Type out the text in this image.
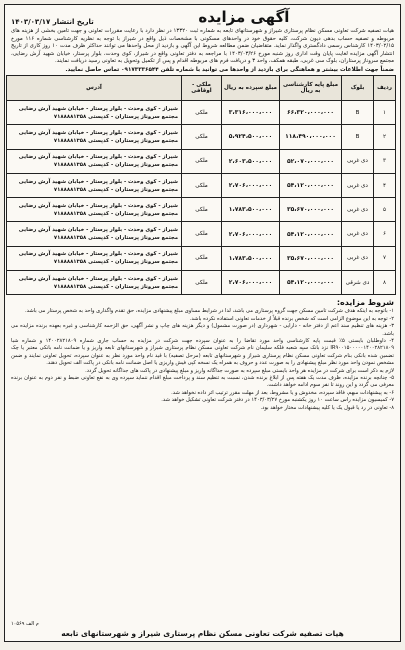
آگهی مزایده
تاریخ انتشار ۱۴۰۳/۰۳/۱۷
هیات تصفیه شرکت تعاونی مسکن نظام پرستاری شیراز و شهرستانهای تابعه به شماره ثبت ۱۳۳۲۰ در نظر دارد با رعایت مقررات تعاونی و جهت تامین بخشی از هزینه های مربوطه و تصفیه حساب بدهی دیون شرکت، کلیه حقوق خود در واحدهای مسکونی با مشخصات ذیل واقع در شیراز با توجه به نظریه کارشناسی شماره ۱۱۶ مورخ ۱۴۰۳/۰۲/۱۵ کارشناس رسمی دادگستری واگذار نماید. متقاضیان ضمن مطالعه شروط این آگهی و بازدید از محل واحدها می توانند حداکثر ظرف مدت ۱۰ روز کاری از تاریخ انتشار آگهی مزایده لغایت پایان وقت اداری روز شنبه مورخ ۱۴۰۳/۰۳/۲۶ با مراجعه به دفتر تعاونی واقع در شیراز، کوی وحدت، بلوار پرستار، خیابان شهید آرش رضایی، مجتمع سروناز پرستاران، بلوک سی غربی، طبقه همکف، واحد ۳ و دریافت فرم های مربوطه اقدام و پس از تکمیل وتحویل به تعاونی رسید دریافت نمایند.
ضمناً جهت اطلاعات بیشتر و هماهنگی برای بازدید از واحدها می توانید با شماره تلفن ۰۹۱۷۳۳۳۶۵۴۴ تماس حاصل نمایید.
ردیف	بلوک	مبلغ پایه کارشناسی به ریال	مبلغ سپرده به ریال	ملکی - اوقافی	آدرس
۱	B	۶۶،۳۲۰،۰۰۰،۰۰۰	۳،۳۱۶،۰۰۰،۰۰۰	ملکی	شیراز - کوی وحدت - بلوار پرستار - خیابان شهید آرش رضایی مجتمع سروناز پرستاران - کدپستی ۷۱۸۸۸۸۱۳۵۸
۲	B	۱۱۸،۴۹۰،۰۰۰،۰۰۰	۵،۹۲۴،۵۰۰،۰۰۰	ملکی	شیراز - کوی وحدت - بلوار پرستار - خیابان شهید آرش رضایی مجتمع سروناز پرستاران - کدپستی ۷۱۸۸۸۸۱۳۵۸
۳	دی غربی	۵۲،۰۷۰،۰۰۰،۰۰۰	۲،۶۰۳،۵۰۰،۰۰۰	ملکی	شیراز - کوی وحدت - بلوار پرستار - خیابان شهید آرش رضایی مجتمع سروناز پرستاران - کدپستی ۷۱۸۸۸۸۱۳۵۸
۴	دی غربی	۵۴،۱۲۰،۰۰۰،۰۰۰	۲،۷۰۶،۰۰۰،۰۰۰	ملکی	شیراز - کوی وحدت - بلوار پرستار - خیابان شهید آرش رضایی مجتمع سروناز پرستاران - کدپستی ۷۱۸۸۸۸۱۳۵۸
۵	دی غربی	۳۵،۶۷۰،۰۰۰،۰۰۰	۱،۷۸۳،۵۰۰،۰۰۰	ملکی	شیراز - کوی وحدت - بلوار پرستار - خیابان شهید آرش رضایی مجتمع سروناز پرستاران - کدپستی ۷۱۸۸۸۸۱۳۵۸
۶	دی غربی	۵۴،۱۲۰،۰۰۰،۰۰۰	۲،۷۰۶،۰۰۰،۰۰۰	ملکی	شیراز - کوی وحدت - بلوار پرستار - خیابان شهید آرش رضایی مجتمع سروناز پرستاران - کدپستی ۷۱۸۸۸۸۱۳۵۸
۷	دی غربی	۳۵،۶۷۰،۰۰۰،۰۰۰	۱،۷۸۳،۵۰۰،۰۰۰	ملکی	شیراز - کوی وحدت - بلوار پرستار - خیابان شهید آرش رضایی مجتمع سروناز پرستاران - کدپستی ۷۱۸۸۸۸۱۳۵۸
۸	دی شرقی	۵۴،۱۲۰،۰۰۰،۰۰۰	۲،۷۰۶،۰۰۰،۰۰۰	ملکی	شیراز - کوی وحدت - بلوار پرستار - خیابان شهید آرش رضایی مجتمع سروناز پرستاران - کدپستی ۷۱۸۸۸۸۱۳۵۸
شروط مزایده:
۱- باتوجه به اینکه هدف شرکت تامین مسکن جهت گروه پرستاری می باشد، لذا در شرایط مساوی مبلغ پیشنهادی مزایده، حق تقدم واگذاری واحد به شخص پرستار می باشد.
۲- توجه به این موضوع الزامی است که شخص برنده قبلاً از خدمات تعاونی استفاده نکرده باشد.
۳- هزینه های تنظیم سند اعم از دفتر خانه - دارایی - شهرداری (در صورت مشمول) و دیگر هزینه های چاپ و نشر آگهی، حق الزحمه کارشناسی و غیره بعهده برنده مزایده می باشد.
۴- داوطلبان بایستی ۵٪ قیمت پایه کارشناسی واحد مورد تقاضا را به عنوان سپرده جهت شرکت در مزایده به حساب جاری شماره ۱۴۰۰۲۸۲۱۸۰۹ و شماره شبا IR۹۰۰۱۵۰۰۰۰۰۱۴۰۰۲۸۲۱۸۰۹ نزد بانک سپه شعبه فلکه سلیمان نام شرکت تعاونی مسکن نظام پرستاری شیراز و شهرستانهای تابعه واریز و یا ضمانت نامه بانکی معتبر یا چک تضمین شده بانکی بنام شرکت تعاونی مسکن نظام پرستاری شیراز و شهرستانهای تابعه (مرحل تصفیه) با قید نام واحد مورد نظر به عنوان سپرده، تحویل تعاونی نمایند و ضمن مشخص نمودن واحد مورد نظر مبلغ پیشنهادی را به صورت عدد و حروف به همراه یک نسخه کپی فیش واریزی یا اصل ضمانت نامه بانکی در پاکت الف تحویل دهند.
لازم به ذکر است برای شرکت در مزایده هر واحد بایستی مبلغ سپرده به صورت جداگانه واریز و مبلغ پیشنهادی در پاکت های جداگانه تحویل گردد.
۵- چنانچه برنده مزایده، ظرف مدت یک هفته پس از ابلاغ برنده شدن، نسبت به تنظیم سند و پرداخت مبلغ اقدام ننماید سپرده وی به نفع تعاونی ضبط و نفر دوم به عنوان برنده معرفی می گردد و این روند تا نفر سوم ادامه خواهد داشت.
۶- به پیشنهادات مبهم، فاقد سپرده، مخدوش و یا مشروط، بعد از مهلت مقرر ترتیب اثر داده نخواهد شد.
۷- کمیسیون مزایده راس ساعت ۱۰ روز یکشنبه مورخ ۱۴۰۳/۰۳/۲۷ در دفتر شرکت تعاونی تشکیل خواهد شد.
۸- تعاونی در رد یا قبول یک یا کلیه پیشنهادات مختار خواهد بود.
م الف ۱۰۵۶۹
هیات تصفیه شرکت تعاونی مسکن نظام پرستاری شیراز و شهرستانهای تابعه
